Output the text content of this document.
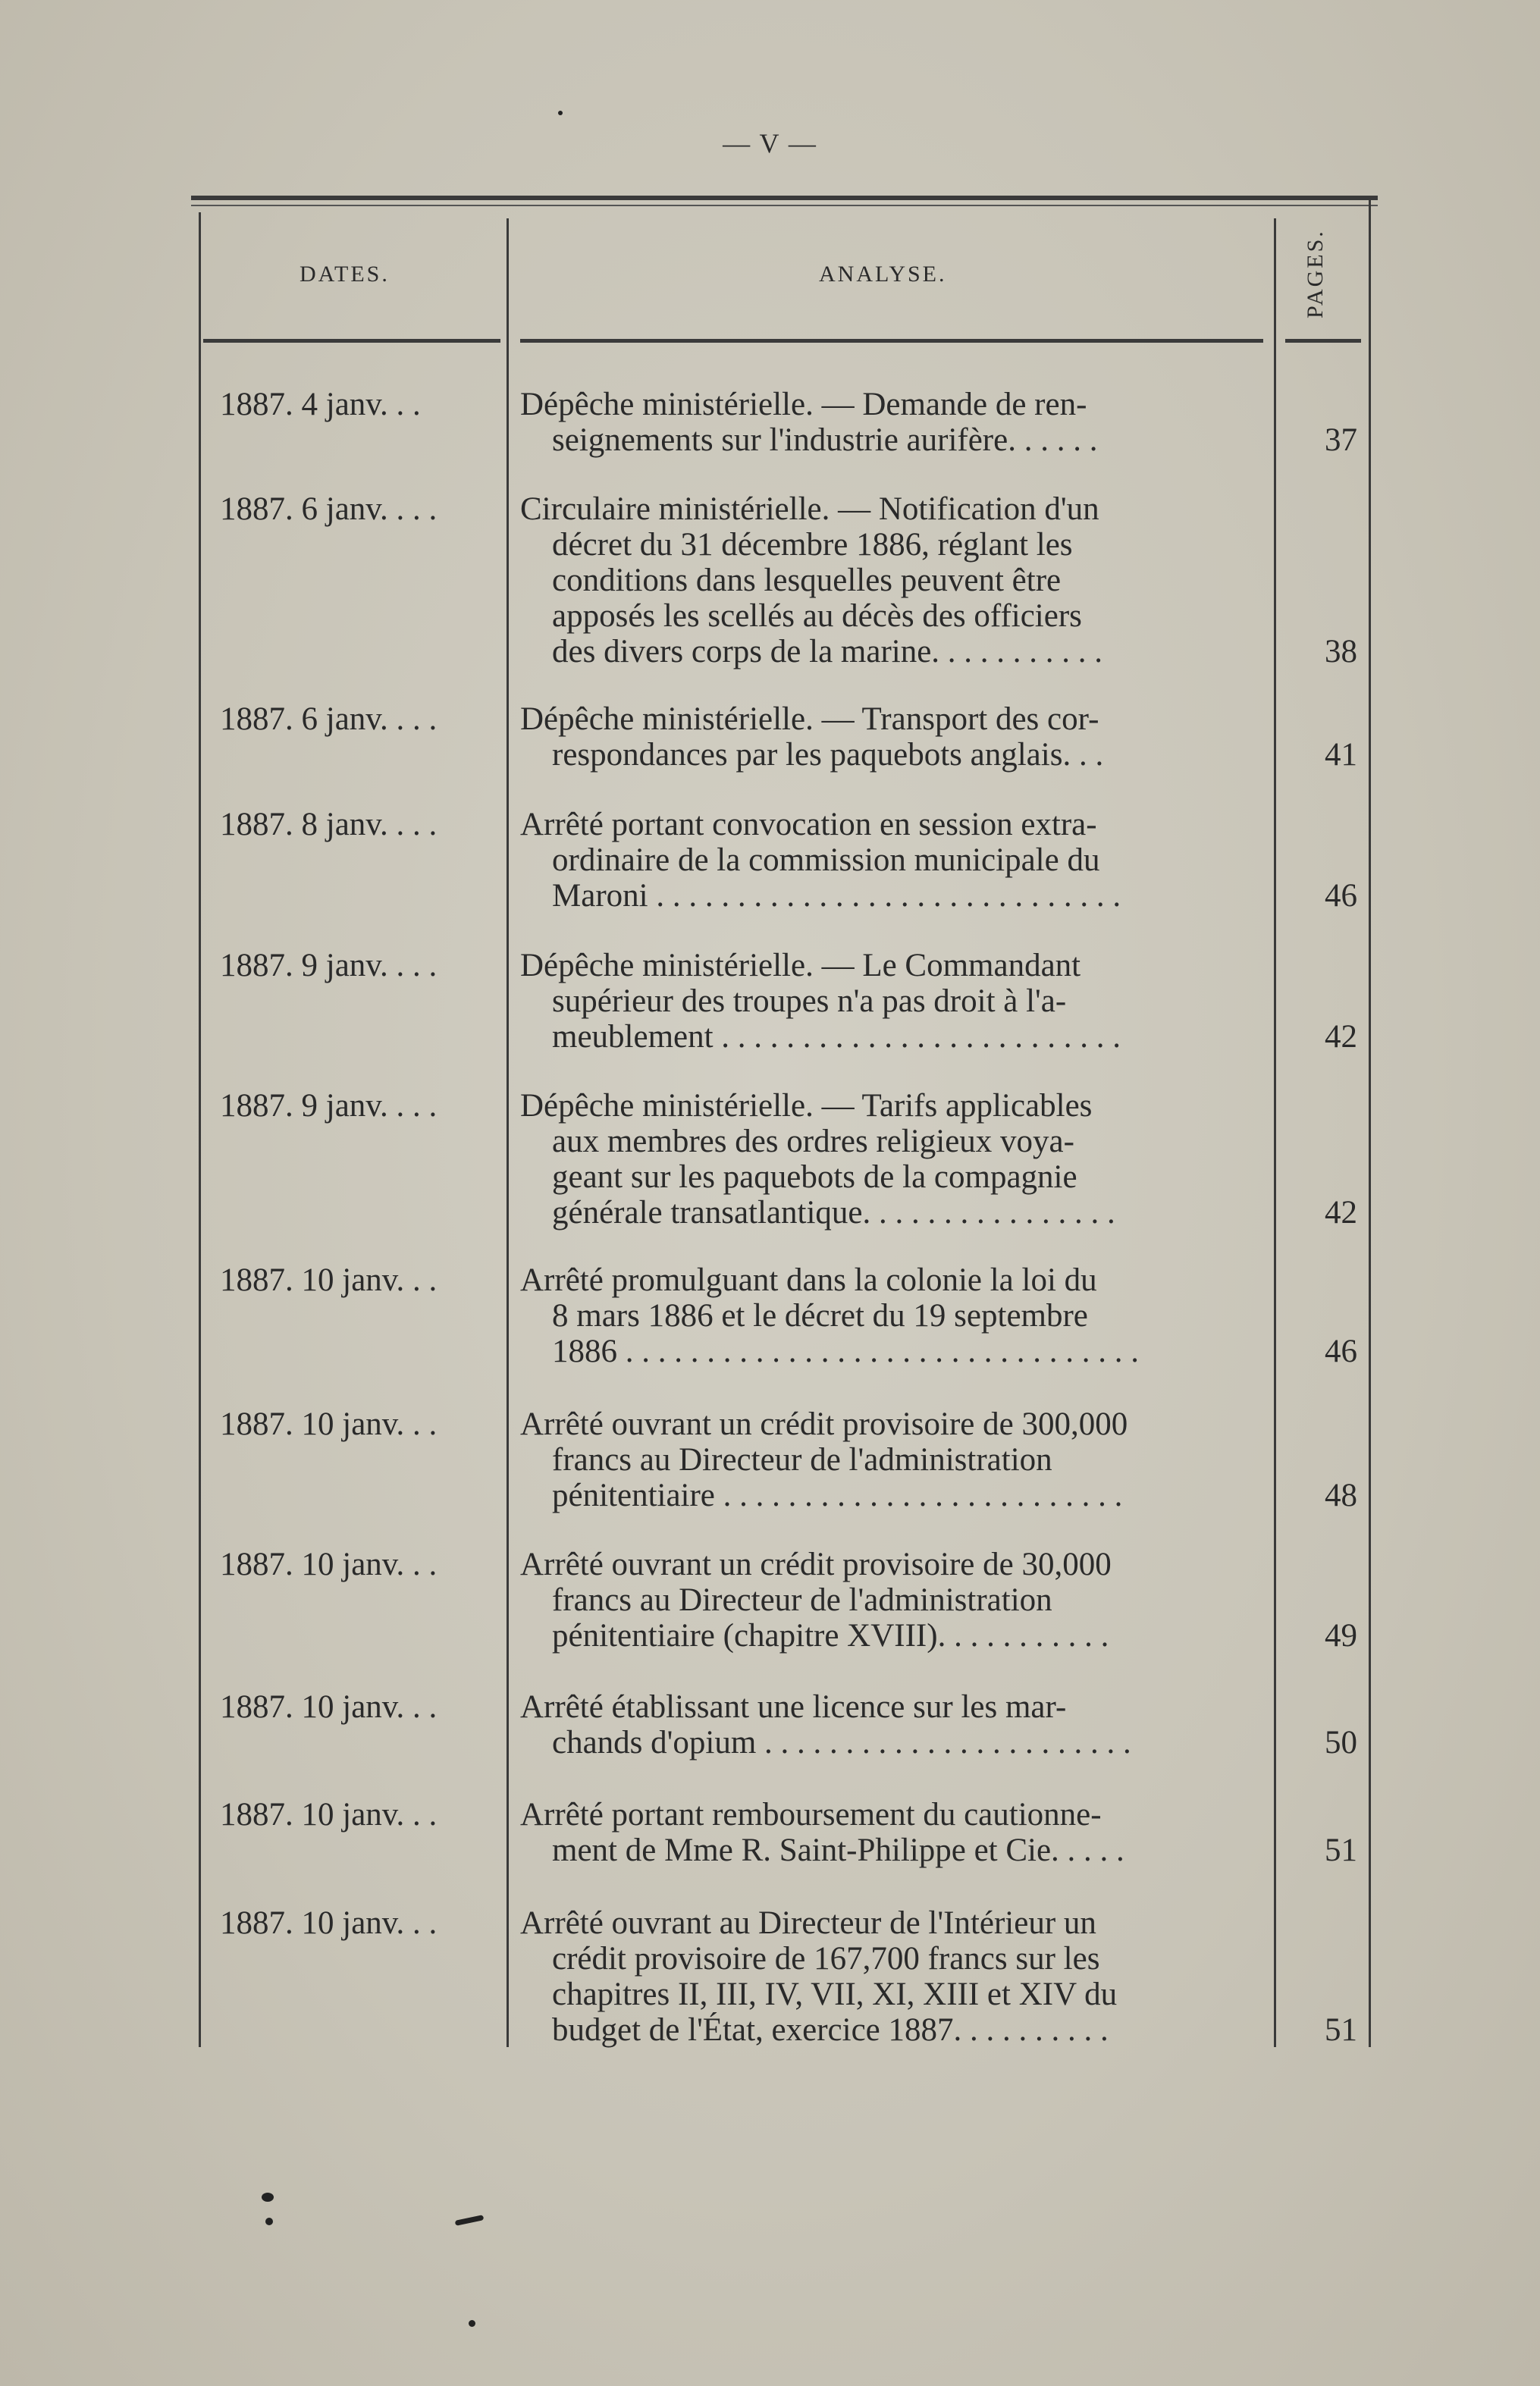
— V —
DATES.	ANALYSE.	PAGES.
1887. 4 janv. . .	Dépêche ministérielle. — Demande de ren-
seignements sur l'industrie aurifère. . . . . .	37
1887. 6 janv. . . .	Circulaire ministérielle. — Notification d'un
décret du 31 décembre 1886, réglant les
conditions dans lesquelles peuvent être
apposés les scellés au décès des officiers
des divers corps de la marine. . . . . . . . . . .	38
1887. 6 janv. . . .	Dépêche ministérielle. — Transport des cor-
respondances par les paquebots anglais. . .	41
1887. 8 janv. . . .	Arrêté portant convocation en session extra-
ordinaire de la commission municipale du
Maroni . . . . . . . . . . . . . . . . . . . . . . . . . . . . .	46
1887. 9 janv. . . .	Dépêche ministérielle. — Le Commandant
supérieur des troupes n'a pas droit à l'a-
meublement . . . . . . . . . . . . . . . . . . . . . . . . .	42
1887. 9 janv. . . .	Dépêche ministérielle. — Tarifs applicables
aux membres des ordres religieux voya-
geant sur les paquebots de la compagnie
générale transatlantique. . . . . . . . . . . . . . . .	42
1887. 10 janv. . .	Arrêté promulguant dans la colonie la loi du
8 mars 1886 et le décret du 19 septembre
1886 . . . . . . . . . . . . . . . . . . . . . . . . . . . . . . . .	46
1887. 10 janv. . .	Arrêté ouvrant un crédit provisoire de 300,000
francs au Directeur de l'administration
pénitentiaire . . . . . . . . . . . . . . . . . . . . . . . . .	48
1887. 10 janv. . .	Arrêté ouvrant un crédit provisoire de 30,000
francs au Directeur de l'administration
pénitentiaire (chapitre XVIII). . . . . . . . . . .	49
1887. 10 janv. . .	Arrêté établissant une licence sur les mar-
chands d'opium . . . . . . . . . . . . . . . . . . . . . . .	50
1887. 10 janv. . .	Arrêté portant remboursement du cautionne-
ment de Mme R. Saint-Philippe et Cie. . . . .	51
1887. 10 janv. . .	Arrêté ouvrant au Directeur de l'Intérieur un
crédit provisoire de 167,700 francs sur les
chapitres II, III, IV, VII, XI, XIII et XIV du
budget de l'État, exercice 1887. . . . . . . . . .	51
